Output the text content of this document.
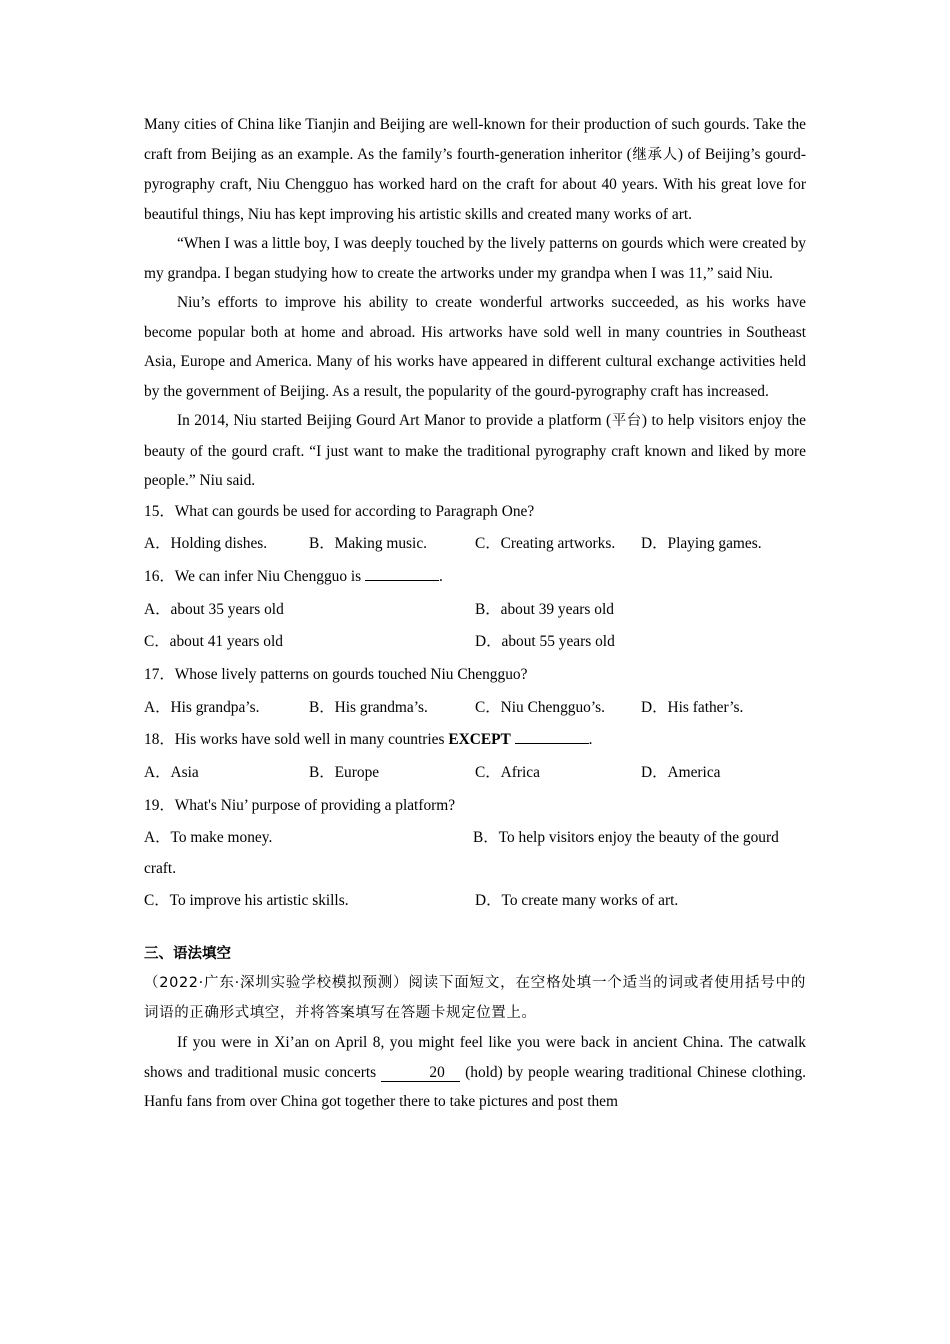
Many cities of China like Tianjin and Beijing are well-known for their production of such gourds. Take the craft from Beijing as an example. As the family’s fourth-generation inheritor (继承人) of Beijing’s gourd-pyrography craft, Niu Chengguo has worked hard on the craft for about 40 years. With his great love for beautiful things, Niu has kept improving his artistic skills and created many works of art.

“When I was a little boy, I was deeply touched by the lively patterns on gourds which were created by my grandpa. I began studying how to create the artworks under my grandpa when I was 11,” said Niu.

Niu’s efforts to improve his ability to create wonderful artworks succeeded, as his works have become popular both at home and abroad. His artworks have sold well in many countries in Southeast Asia, Europe and America. Many of his works have appeared in different cultural exchange activities held by the government of Beijing. As a result, the popularity of the gourd-pyrography craft has increased.

In 2014, Niu started Beijing Gourd Art Manor to provide a platform (平台) to help visitors enjoy the beauty of the gourd craft. “I just want to make the traditional pyrography craft known and liked by more people.” Niu said.

15．What can gourds be used for according to Paragraph One?

A．Holding dishes.	B．Making music.	C．Creating artworks.	D．Playing games.

16．We can infer Niu Chengguo is	.

A．about 35 years old	B．about 39 years old
C．about 41 years old	D．about 55 years old

17．Whose lively patterns on gourds touched Niu Chengguo?

A．His grandpa’s.	B．His grandma’s.	C．Niu Chengguo’s.	D．His father’s.

18．His works have sold well in many countries EXCEPT	.

A．Asia	B．Europe	C．Africa	D．America

19．What's Niu’ purpose of providing a platform?

A．To make money.	B．To help visitors enjoy the beauty of the gourd
craft.
C．To improve his artistic skills.	D．To create many works of art.

三、语法填空

（2022·广东·深圳实验学校模拟预测）阅读下面短文，在空格处填一个适当的词或者使用括号中的词语的正确形式填空，并将答案填写在答题卡规定位置上。

If you were in Xi’an on April 8, you might feel like you were back in ancient China. The catwalk shows and traditional music concerts	20 (hold) by people wearing traditional Chinese clothing. Hanfu fans from over China got together there to take pictures and post them
